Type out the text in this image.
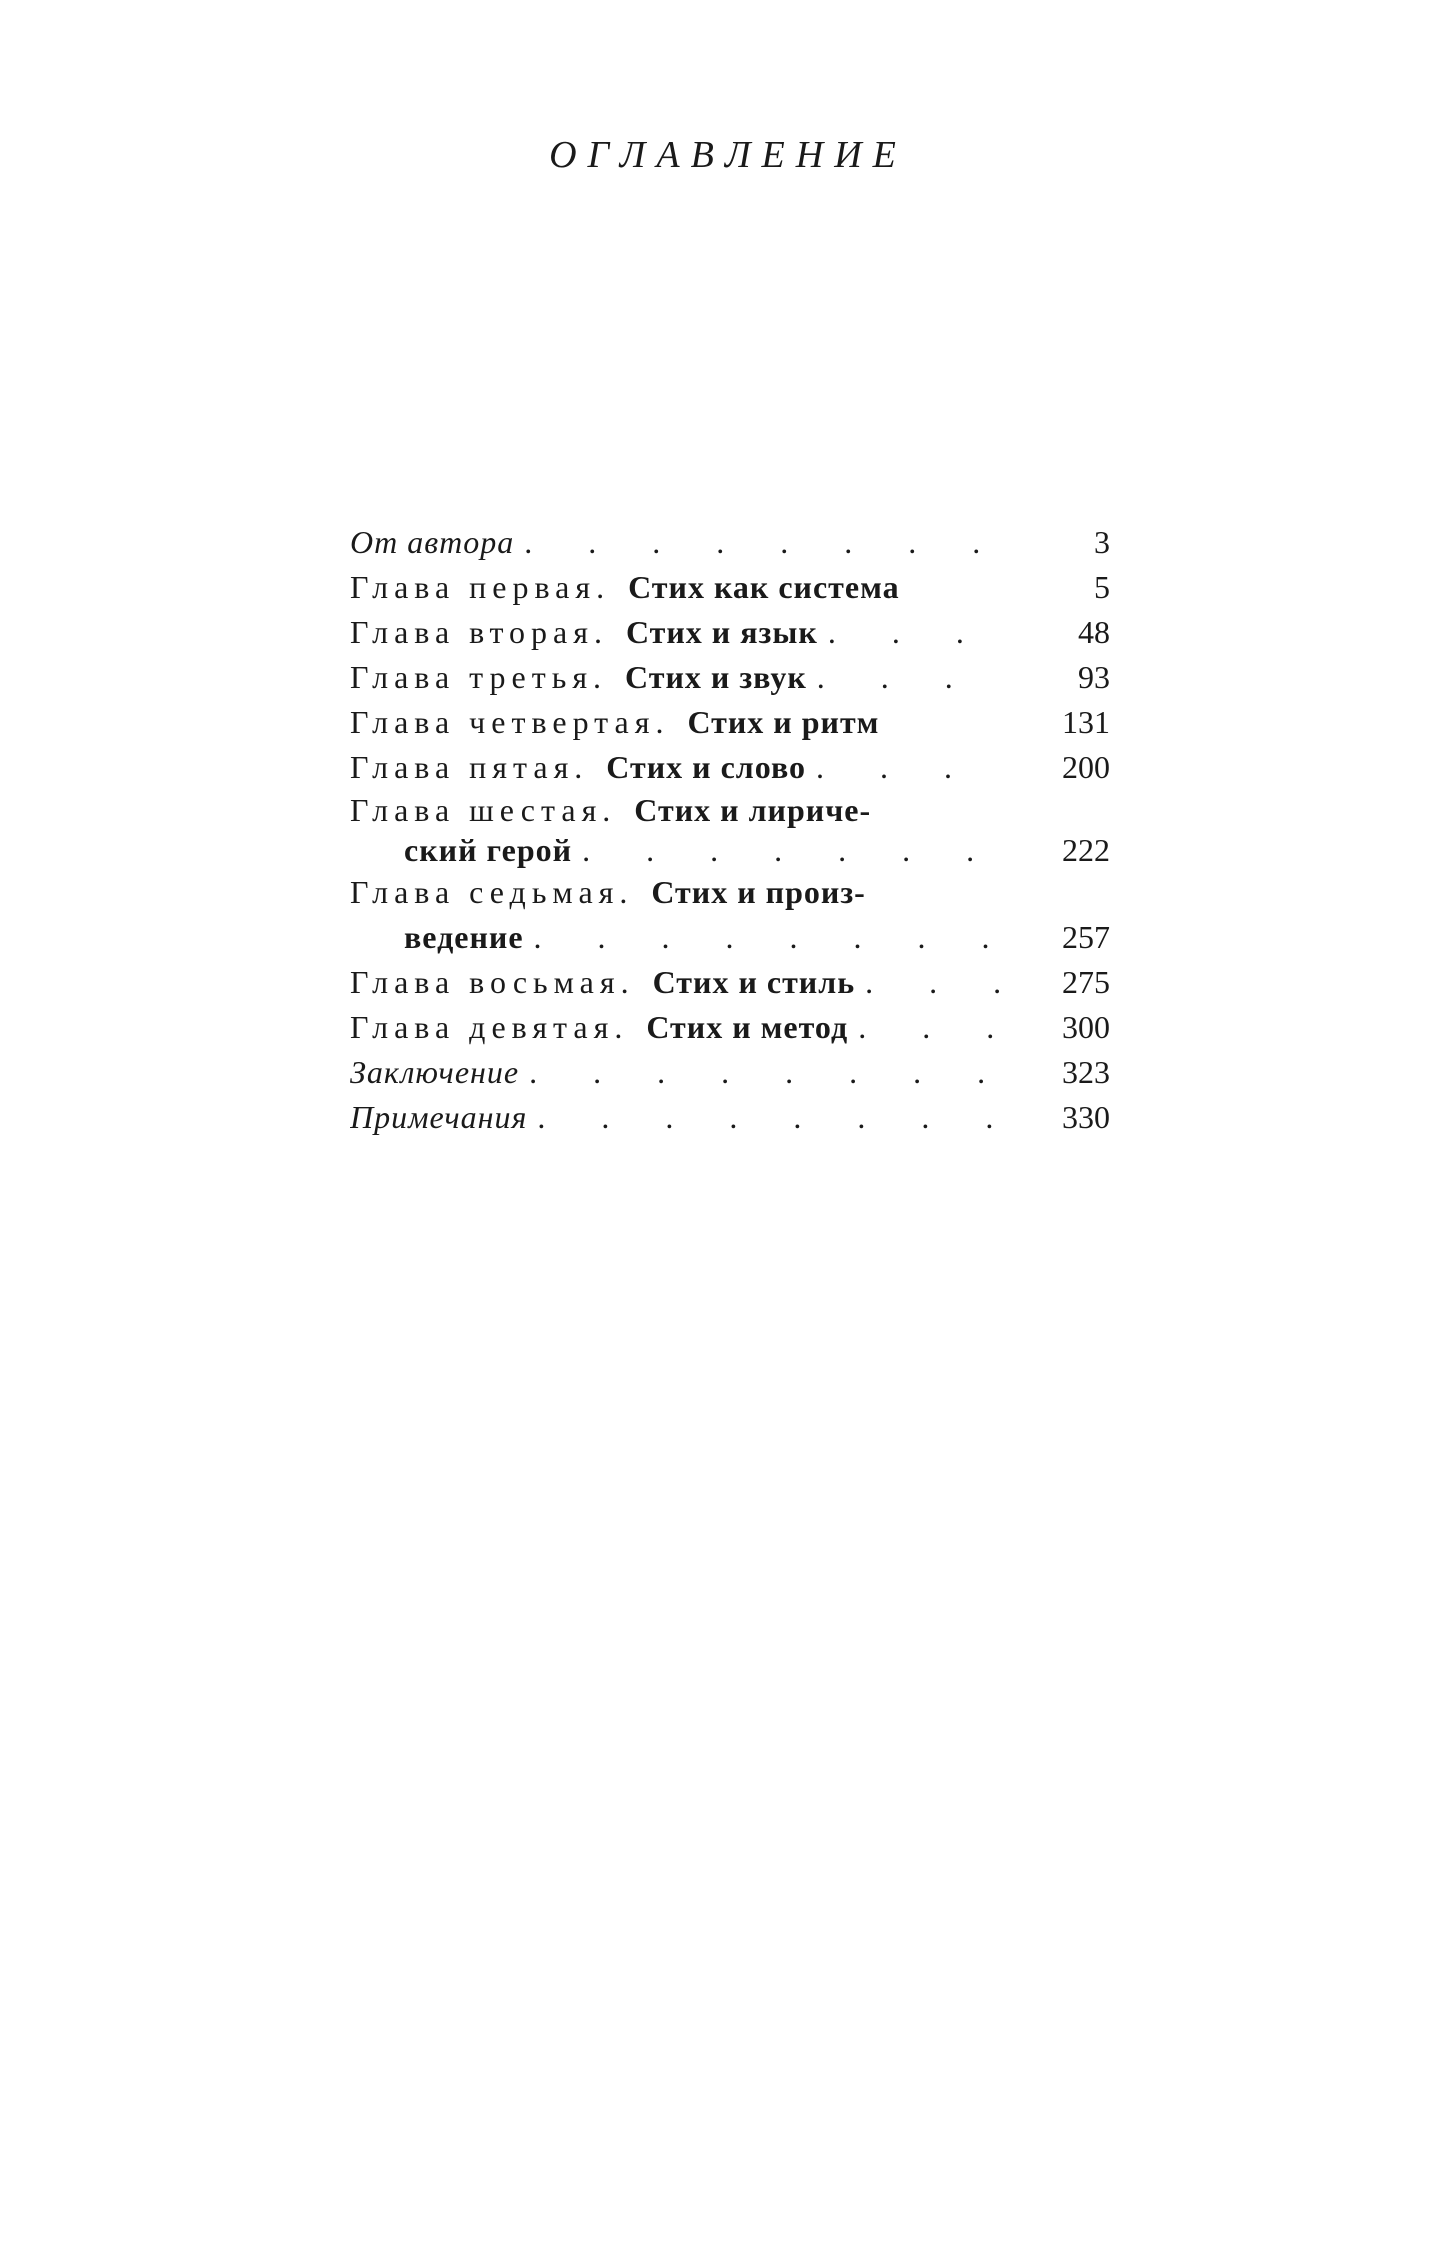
ОГЛАВЛЕНИЕ
От автора . . .	3
Глава первая. Стих как система	5
Глава вторая. Стих и язык . . .	48
Глава третья. Стих и звук . . .	93
Глава четвертая. Стих и ритм	131
Глава пятая. Стих и слово . . .	200
Глава шестая. Стих и лириче-
ский герой . . .	222
Глава седьмая. Стих и произ-
ведение . . .	257
Глава восьмая. Стих и стиль . . .	275
Глава девятая. Стих и метод . . .	300
Заключение . . .	323
Примечания . . .	330
